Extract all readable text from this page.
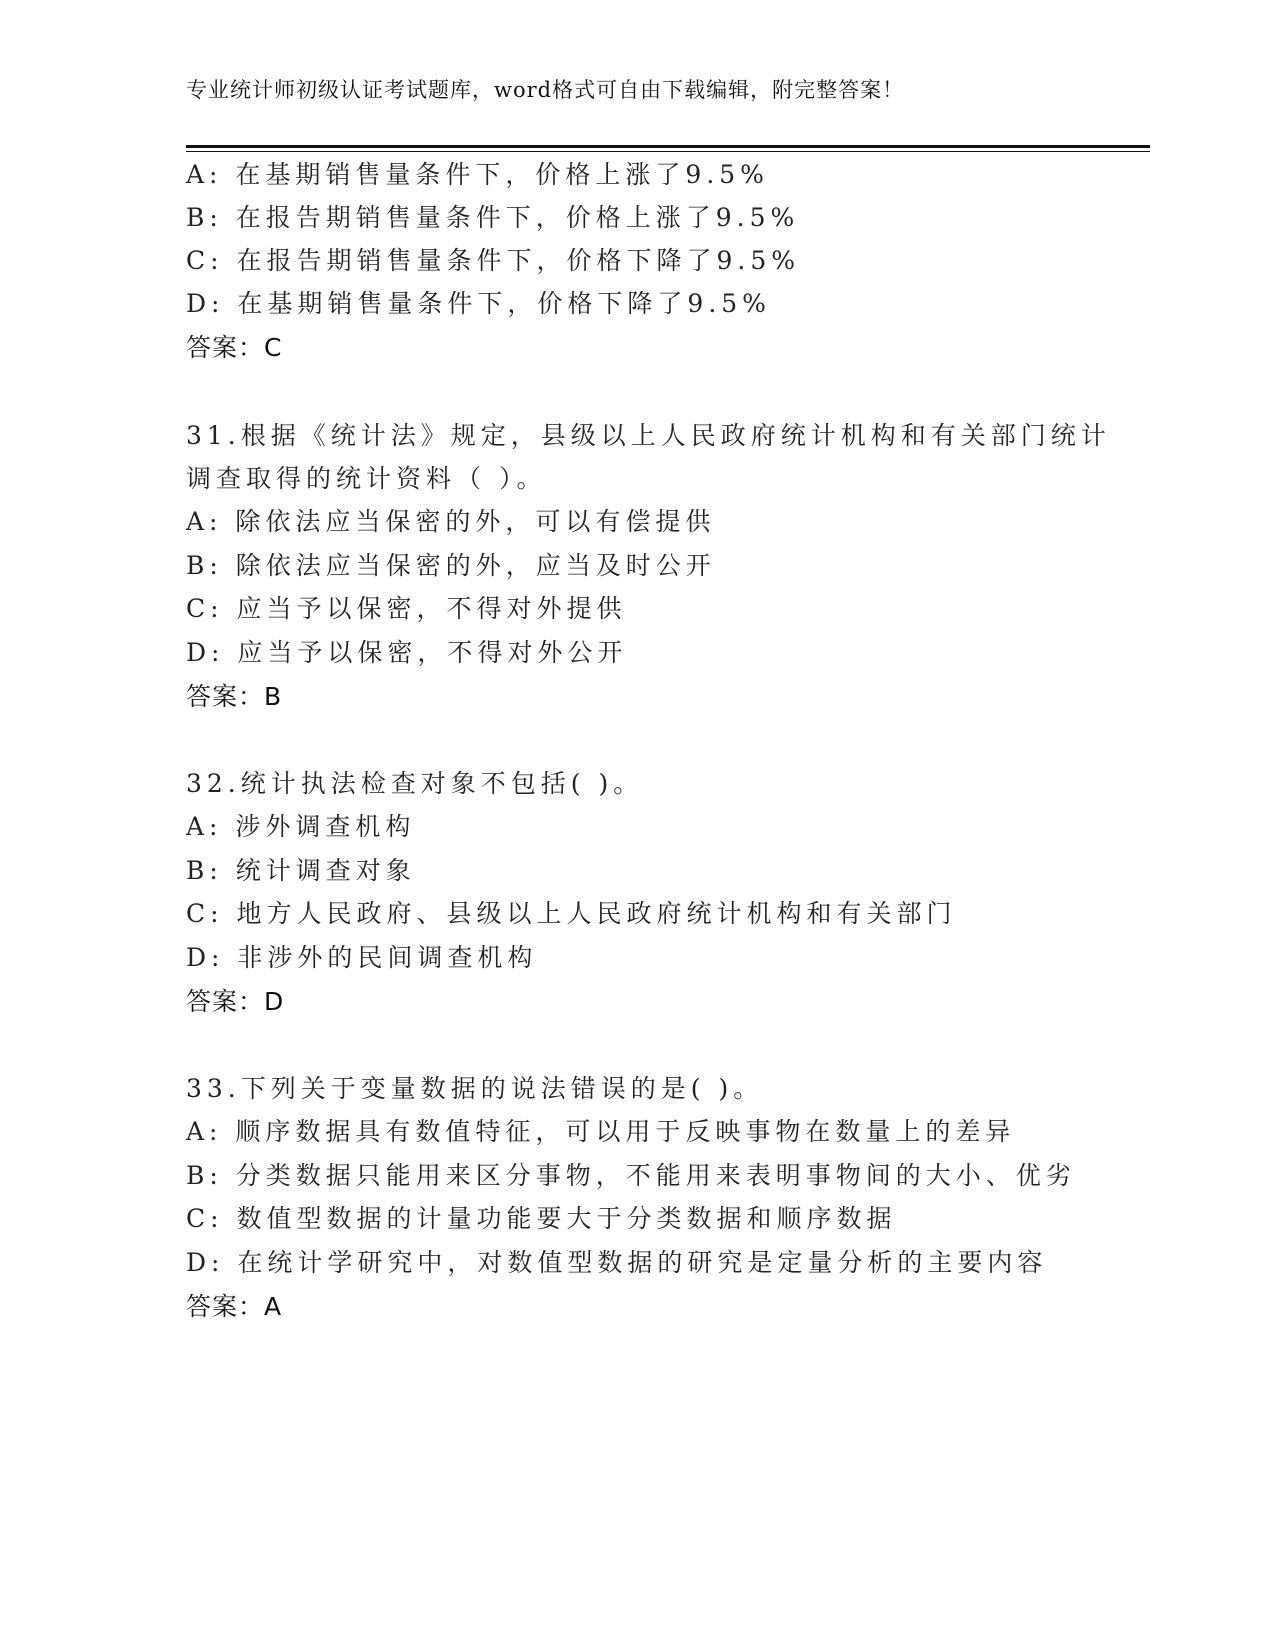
专业统计师初级认证考试题库，word格式可自由下载编辑，附完整答案！
A: 在基期销售量条件下，价格上涨了9.5%
B: 在报告期销售量条件下，价格上涨了9.5%
C: 在报告期销售量条件下，价格下降了9.5%
D: 在基期销售量条件下，价格下降了9.5%
答案：C
31.根据《统计法》规定，县级以上人民政府统计机构和有关部门统计
调查取得的统计资料（ ）。
A: 除依法应当保密的外，可以有偿提供
B: 除依法应当保密的外，应当及时公开
C: 应当予以保密，不得对外提供
D: 应当予以保密，不得对外公开
答案：B
32.统计执法检查对象不包括( )。
A: 涉外调查机构
B: 统计调查对象
C: 地方人民政府、县级以上人民政府统计机构和有关部门
D: 非涉外的民间调查机构
答案：D
33.下列关于变量数据的说法错误的是( )。
A: 顺序数据具有数值特征，可以用于反映事物在数量上的差异
B: 分类数据只能用来区分事物，不能用来表明事物间的大小、优劣
C: 数值型数据的计量功能要大于分类数据和顺序数据
D: 在统计学研究中，对数值型数据的研究是定量分析的主要内容
答案：A
